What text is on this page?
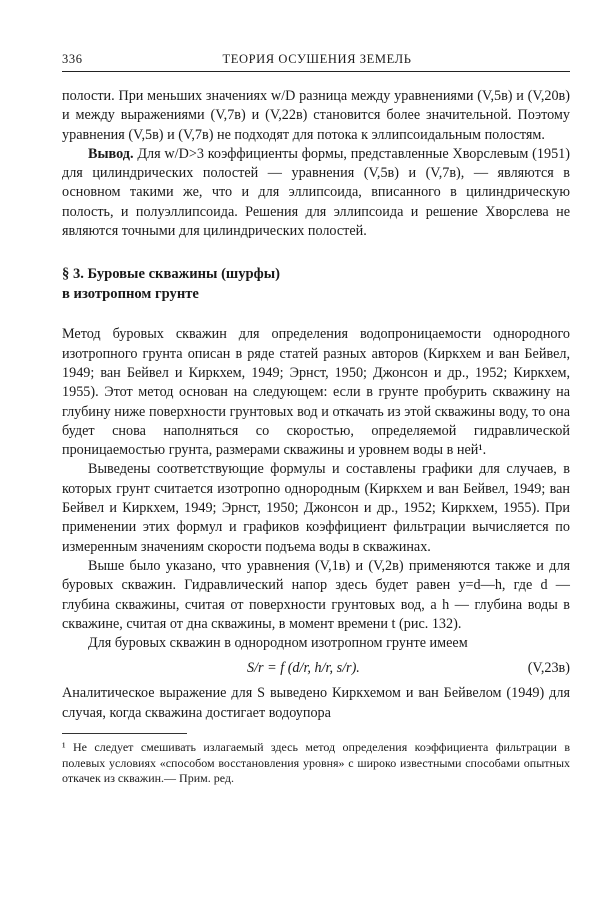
336	ТЕОРИЯ ОСУШЕНИЯ ЗЕМЕЛЬ

полости. При меньших значениях w/D разница между уравнениями (V,5в) и (V,20в) и между выражениями (V,7в) и (V,22в) становится более значительной. Поэтому уравнения (V,5в) и (V,7в) не подходят для потока к эллипсоидальным полостям.

Вывод. Для w/D>3 коэффициенты формы, представленные Хворслевым (1951) для цилиндрических полостей — уравнения (V,5в) и (V,7в), — являются в основном такими же, что и для эллипсоида, вписанного в цилиндрическую полость, и полуэллипсоида. Решения для эллипсоида и решение Хворслева не являются точными для цилиндрических полостей.

§ 3. Буровые скважины (шурфы)
в изотропном грунте

Метод буровых скважин для определения водопроницаемости однородного изотропного грунта описан в ряде статей разных авторов (Киркхем и ван Бейвел, 1949; ван Бейвел и Киркхем, 1949; Эрнст, 1950; Джонсон и др., 1952; Киркхем, 1955). Этот метод основан на следующем: если в грунте пробурить скважину на глубину ниже поверхности грунтовых вод и откачать из этой скважины воду, то она будет снова наполняться со скоростью, определяемой гидравлической проницаемостью грунта, размерами скважины и уровнем воды в ней¹.

Выведены соответствующие формулы и составлены графики для случаев, в которых грунт считается изотропно однородным (Киркхем и ван Бейвел, 1949; ван Бейвел и Киркхем, 1949; Эрнст, 1950; Джонсон и др., 1952; Киркхем, 1955). При применении этих формул и графиков коэффициент фильтрации вычисляется по измеренным значениям скорости подъема воды в скважинах.

Выше было указано, что уравнения (V,1в) и (V,2в) применяются также и для буровых скважин. Гидравлический напор здесь будет равен y=d—h, где d — глубина скважины, считая от поверхности грунтовых вод, а h — глубина воды в скважине, считая от дна скважины, в момент времени t (рис. 132).

Для буровых скважин в однородном изотропном грунте имеем

S/r = f (d/r, h/r, s/r).	(V,23в)

Аналитическое выражение для S выведено Киркхемом и ван Бейвелом (1949) для случая, когда скважина достигает водоупора

¹ Не следует смешивать излагаемый здесь метод определения коэффициента фильтрации в полевых условиях «способом восстановления уровня» с широко известными способами опытных откачек из скважин.— Прим. ред.
